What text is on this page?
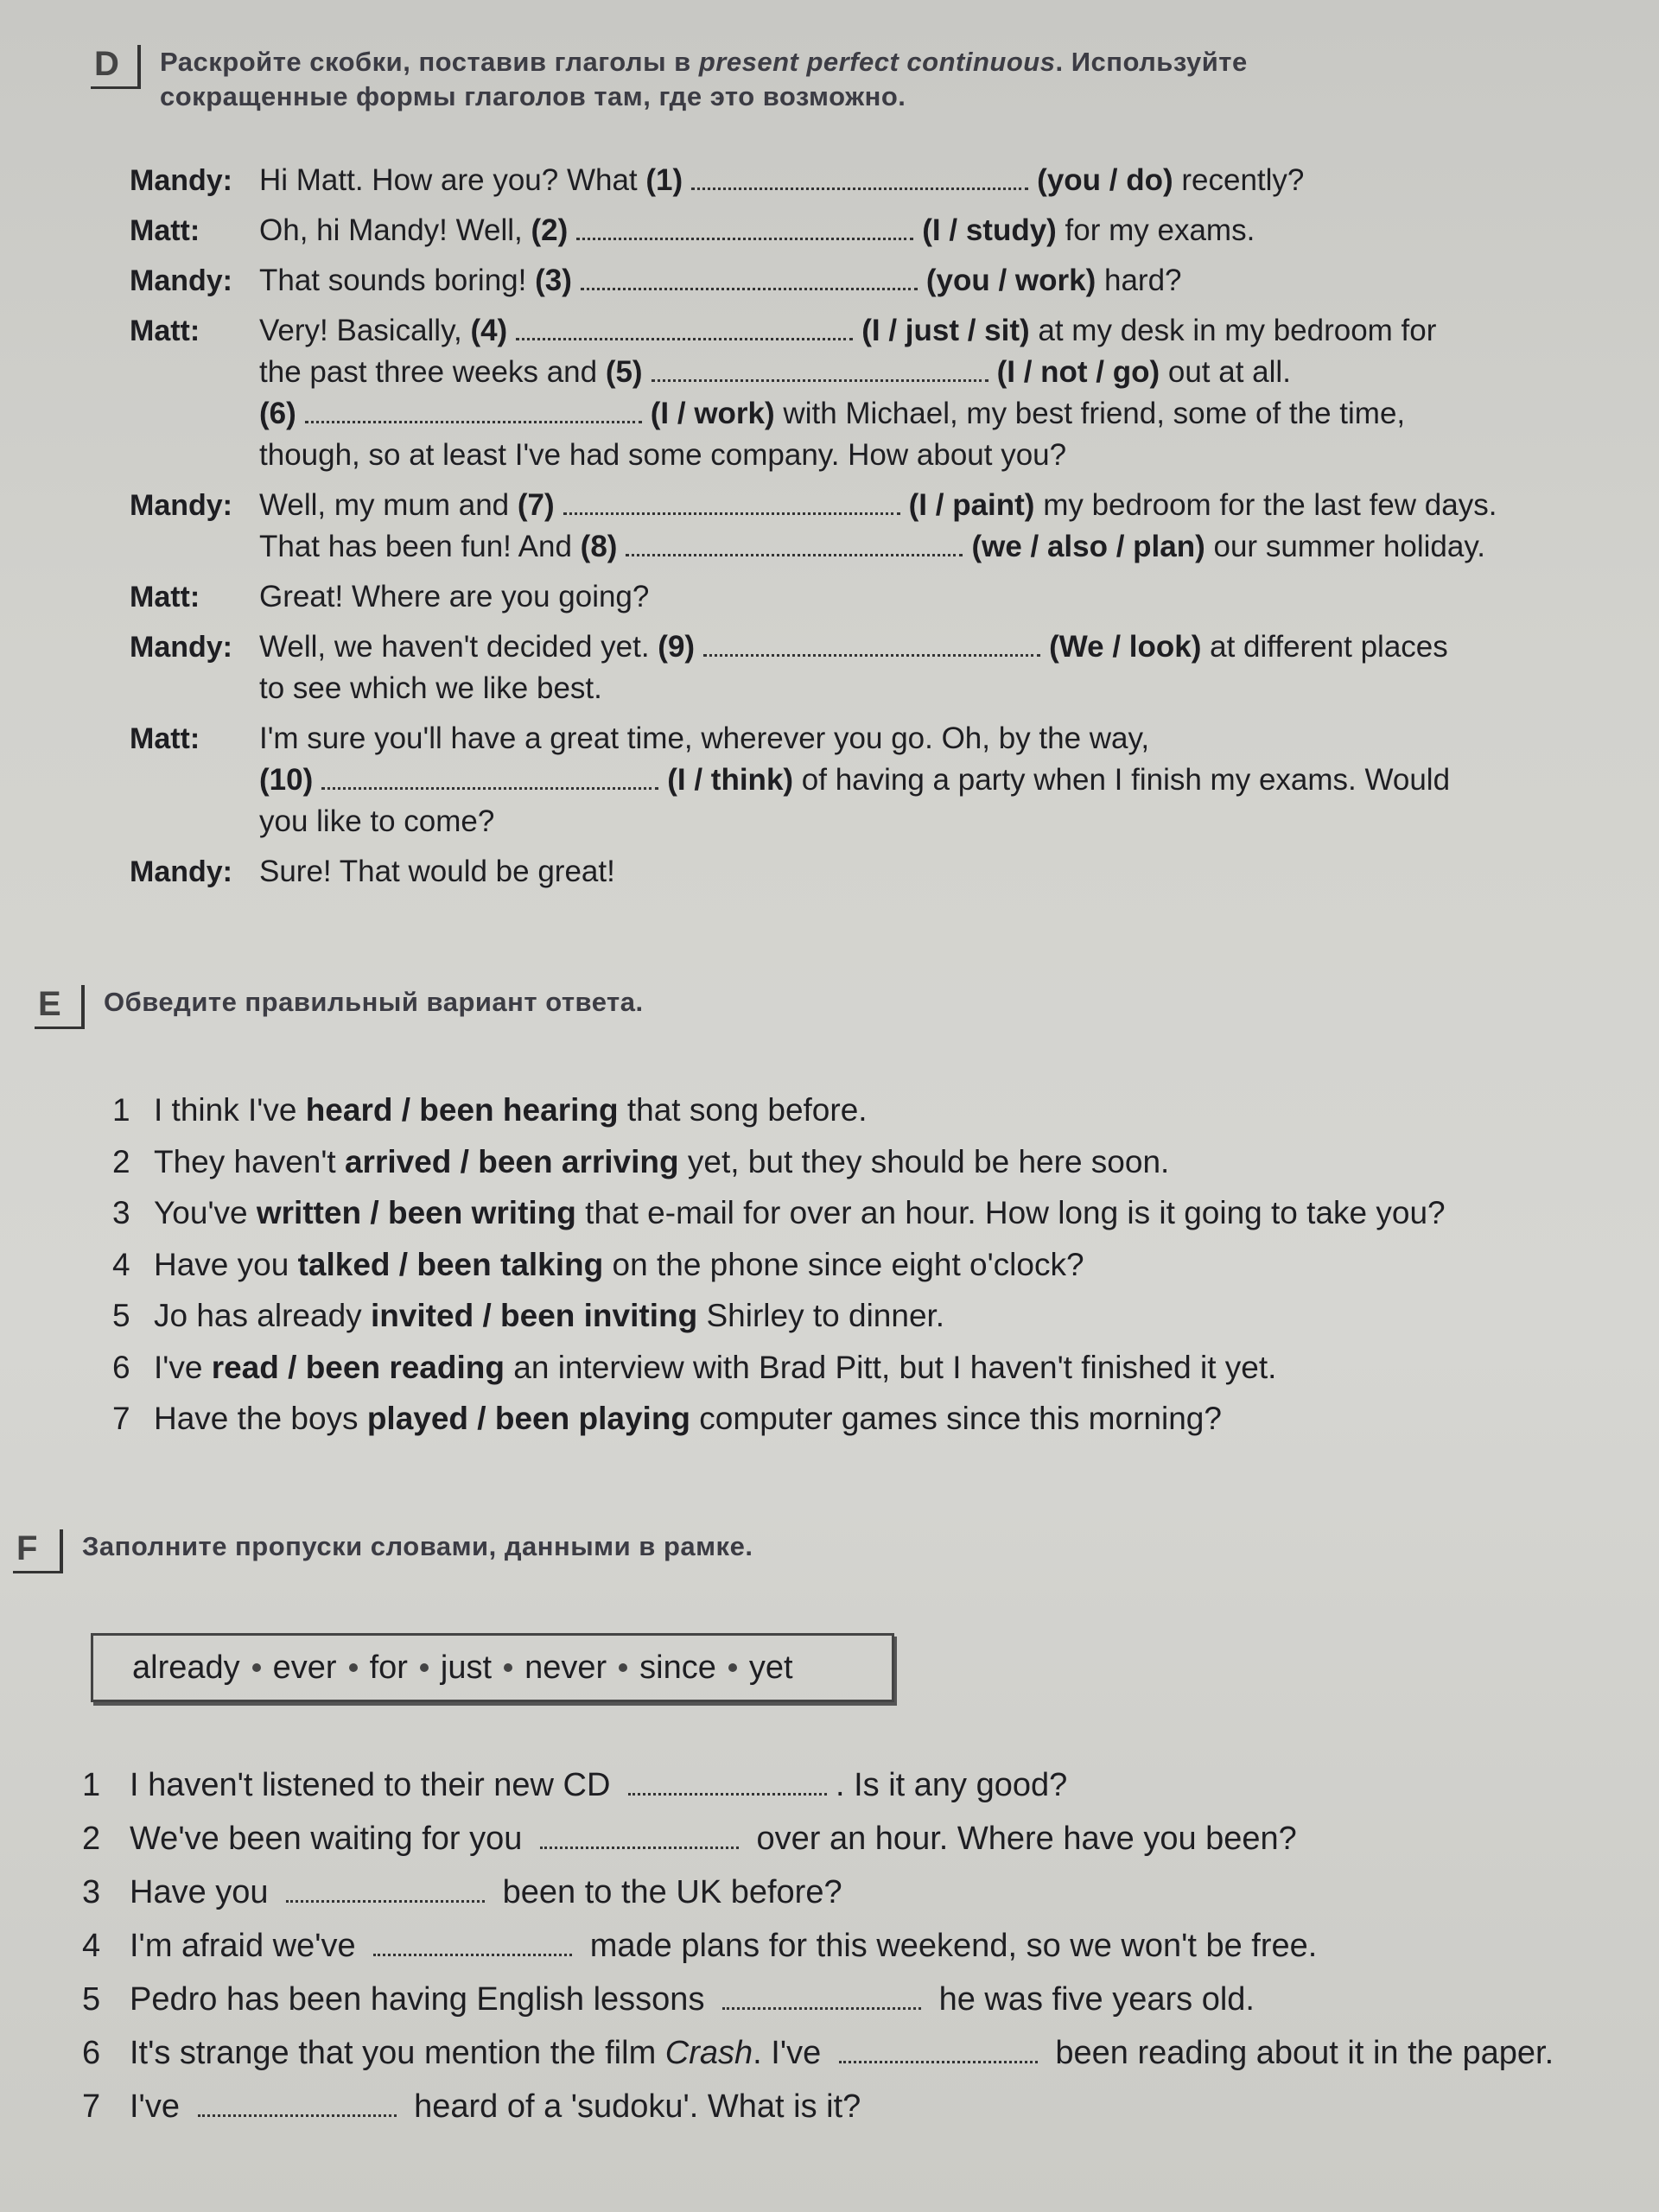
D	Раскройте скобки, поставив глаголы в present perfect continuous. Используйте сокращенные формы глаголов там, где это возможно.
Mandy: Hi Matt. How are you? What (1)	(you / do) recently?
Matt:	Oh, hi Mandy! Well, (2)	(I / study) for my exams.
Mandy: That sounds boring! (3)	(you / work) hard?
Matt:	Very! Basically, (4)	(I / just / sit) at my desk in my bedroom for
the past three weeks and (5)	(I / not / go) out at all.
(6)	(I / work) with Michael, my best friend, some of the time,
though, so at least I've had some company. How about you?
Mandy: Well, my mum and (7)	(I / paint) my bedroom for the last few days.
That has been fun! And (8)	(we / also / plan) our summer holiday.
Matt:	Great! Where are you going?
Mandy: Well, we haven't decided yet. (9)	(We / look) at different places
to see which we like best.
Matt:	I'm sure you'll have a great time, wherever you go. Oh, by the way,
(10)	(I / think) of having a party when I finish my exams. Would
you like to come?
Mandy: Sure! That would be great!
E	Обведите правильный вариант ответа.
1 I think I've heard / been hearing that song before.
2 They haven't arrived / been arriving yet, but they should be here soon.
3 You've written / been writing that e-mail for over an hour. How long is it going to take you?
4 Have you talked / been talking on the phone since eight o'clock?
5 Jo has already invited / been inviting Shirley to dinner.
6 I've read / been reading an interview with Brad Pitt, but I haven't finished it yet.
7 Have the boys played / been playing computer games since this morning?
F	Заполните пропуски словами, данными в рамке.
already ever for just never since yet
1 I haven't listened to their new CD	. Is it any good?
2 We've been waiting for you	over an hour. Where have you been?
3 Have you	been to the UK before?
4 I'm afraid we've	made plans for this weekend, so we won't be free.
5 Pedro has been having English lessons	he was five years old.
6 It's strange that you mention the film Crash. I've	been reading about it in the paper.
7 I've	heard of a 'sudoku'. What is it?
